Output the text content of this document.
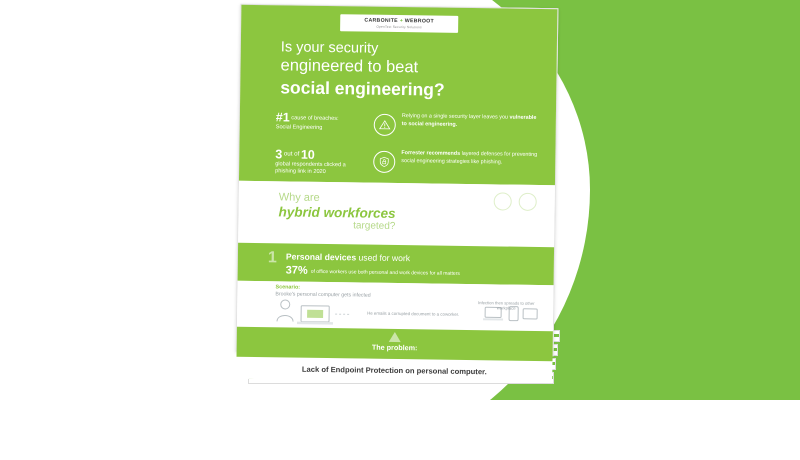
CARBONITE + WEBROOT
OpenText Security Solutions
Is your security
engineered to beat
social engineering?
#1 cause of breaches:
Social Engineering
Relying on a single security layer leaves you vulnerable to social engineering.
3 out of 10
global respondents clicked a phishing link in 2020
Forrester recommends layered defenses for preventing social engineering strategies like phishing.
Why are
hybrid workforces
targeted?
1 Personal devices used for work
37% of office workers use both personal and work devices for all matters
Scenario:
Brooke's personal computer gets infected
He emails a corrupted document to a coworker.
Infection then spreads to other workplace
The problem:
Lack of Endpoint Protection on personal computer.
